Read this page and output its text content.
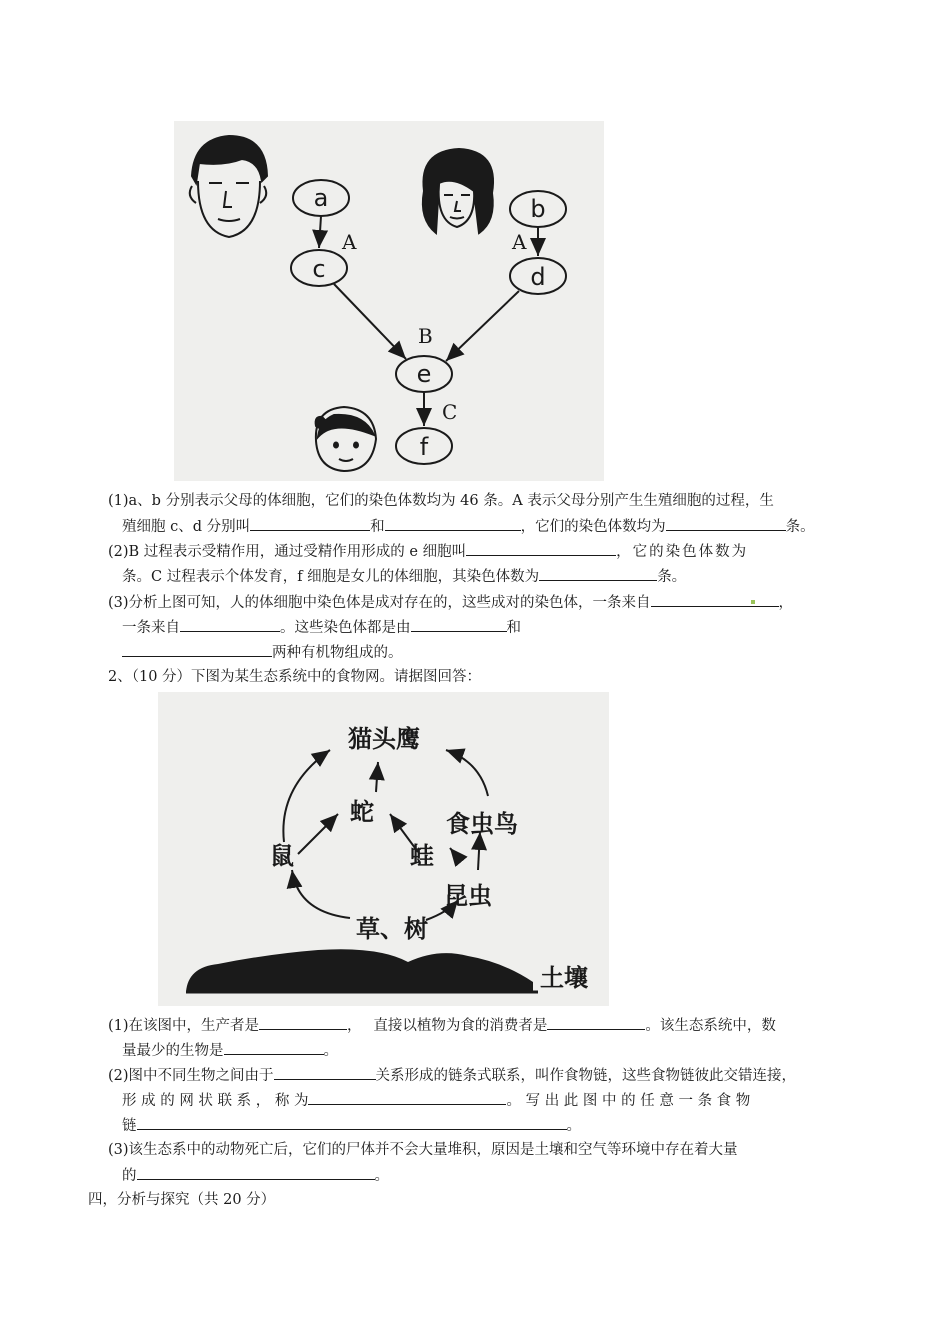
a
c
b
d
e
f
A	A
B
C
(1)a、b 分别表示父母的体细胞，它们的染色体数均为 46 条。A 表示父母分别产生生殖细胞的过程，生
殖细胞 c、d 分别叫	和	，它们的染色体数均为	条。
(2)B 过程表示受精作用，通过受精作用形成的 e 细胞叫	，它的染色体数为
条。C 过程表示个体发育，f 细胞是女儿的体细胞，其染色体数为	条。
(3)分析上图可知，人的体细胞中染色体是成对存在的，这些成对的染色体，一条来自	，
一条来自	。这些染色体都是由	和
两种有机物组成的。
2、（10 分）下图为某生态系统中的食物网。请据图回答：
猫头鹰
蛇	食虫鸟
鼠	蛙
昆虫
草、树
土壤
(1)在该图中，生产者是	，　 直接以植物为食的消费者是	。该生态系统中，数
量最少的生物是	。
(2)图中不同生物之间由于	关系形成的链条式联系，叫作食物链，这些食物链彼此交错连接，
形 成 的 网 状 联 系 ， 称 为	。 写 出 此 图 中 的 任 意 一 条 食 物
链	。
(3)该生态系中的动物死亡后，它们的尸体并不会大量堆积，原因是土壤和空气等环境中存在着大量
的	。
四，分析与探究（共 20 分）
